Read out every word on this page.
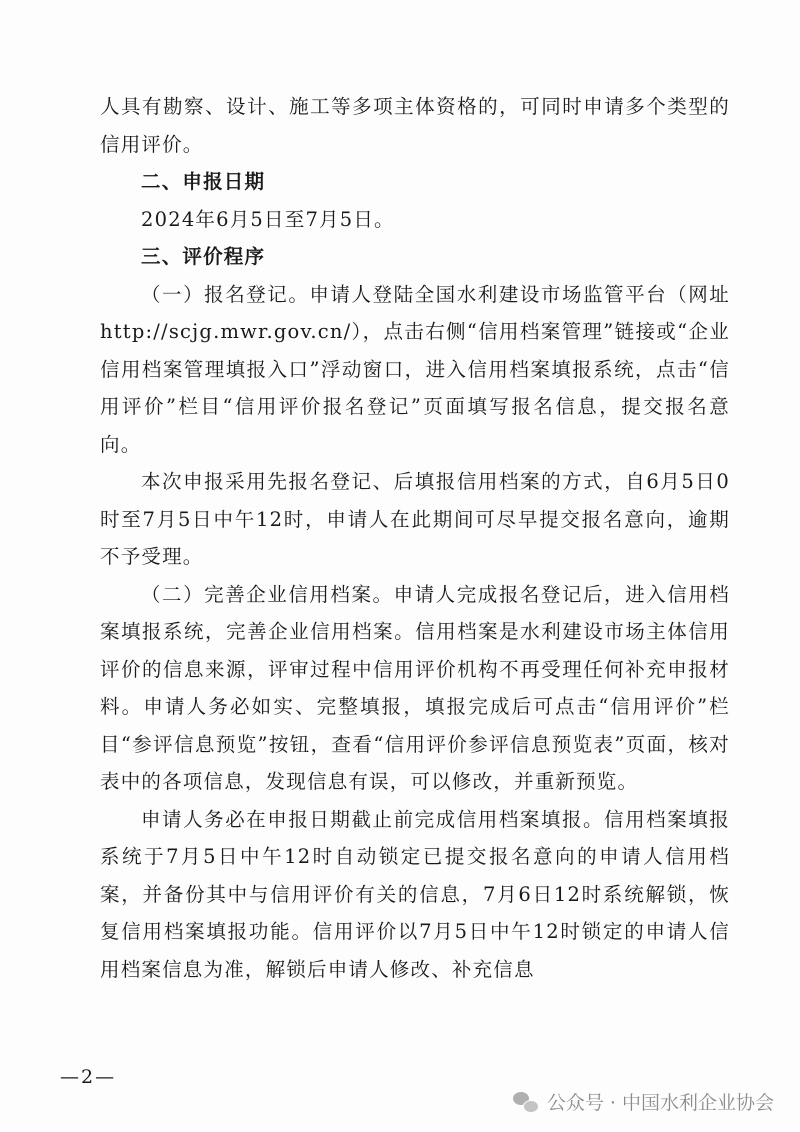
人具有勘察、设计、施工等多项主体资格的，可同时申请多个类型的信用评价。

二、申报日期

2024年6月5日至7月5日。

三、评价程序

（一）报名登记。申请人登陆全国水利建设市场监管平台（网址 http://scjg.mwr.gov.cn/），点击右侧“信用档案管理”链接或“企业信用档案管理填报入口”浮动窗口，进入信用档案填报系统，点击“信用评价”栏目“信用评价报名登记”页面填写报名信息，提交报名意向。

本次申报采用先报名登记、后填报信用档案的方式，自6月5日0时至7月5日中午12时，申请人在此期间可尽早提交报名意向，逾期不予受理。

（二）完善企业信用档案。申请人完成报名登记后，进入信用档案填报系统，完善企业信用档案。信用档案是水利建设市场主体信用评价的信息来源，评审过程中信用评价机构不再受理任何补充申报材料。申请人务必如实、完整填报，填报完成后可点击“信用评价”栏目“参评信息预览”按钮，查看“信用评价参评信息预览表”页面，核对表中的各项信息，发现信息有误，可以修改，并重新预览。

申请人务必在申报日期截止前完成信用档案填报。信用档案填报系统于7月5日中午12时自动锁定已提交报名意向的申请人信用档案，并备份其中与信用评价有关的信息，7月6日12时系统解锁，恢复信用档案填报功能。信用评价以7月5日中午12时锁定的申请人信用档案信息为准，解锁后申请人修改、补充信息

—2—
公众号 · 中国水利企业协会
